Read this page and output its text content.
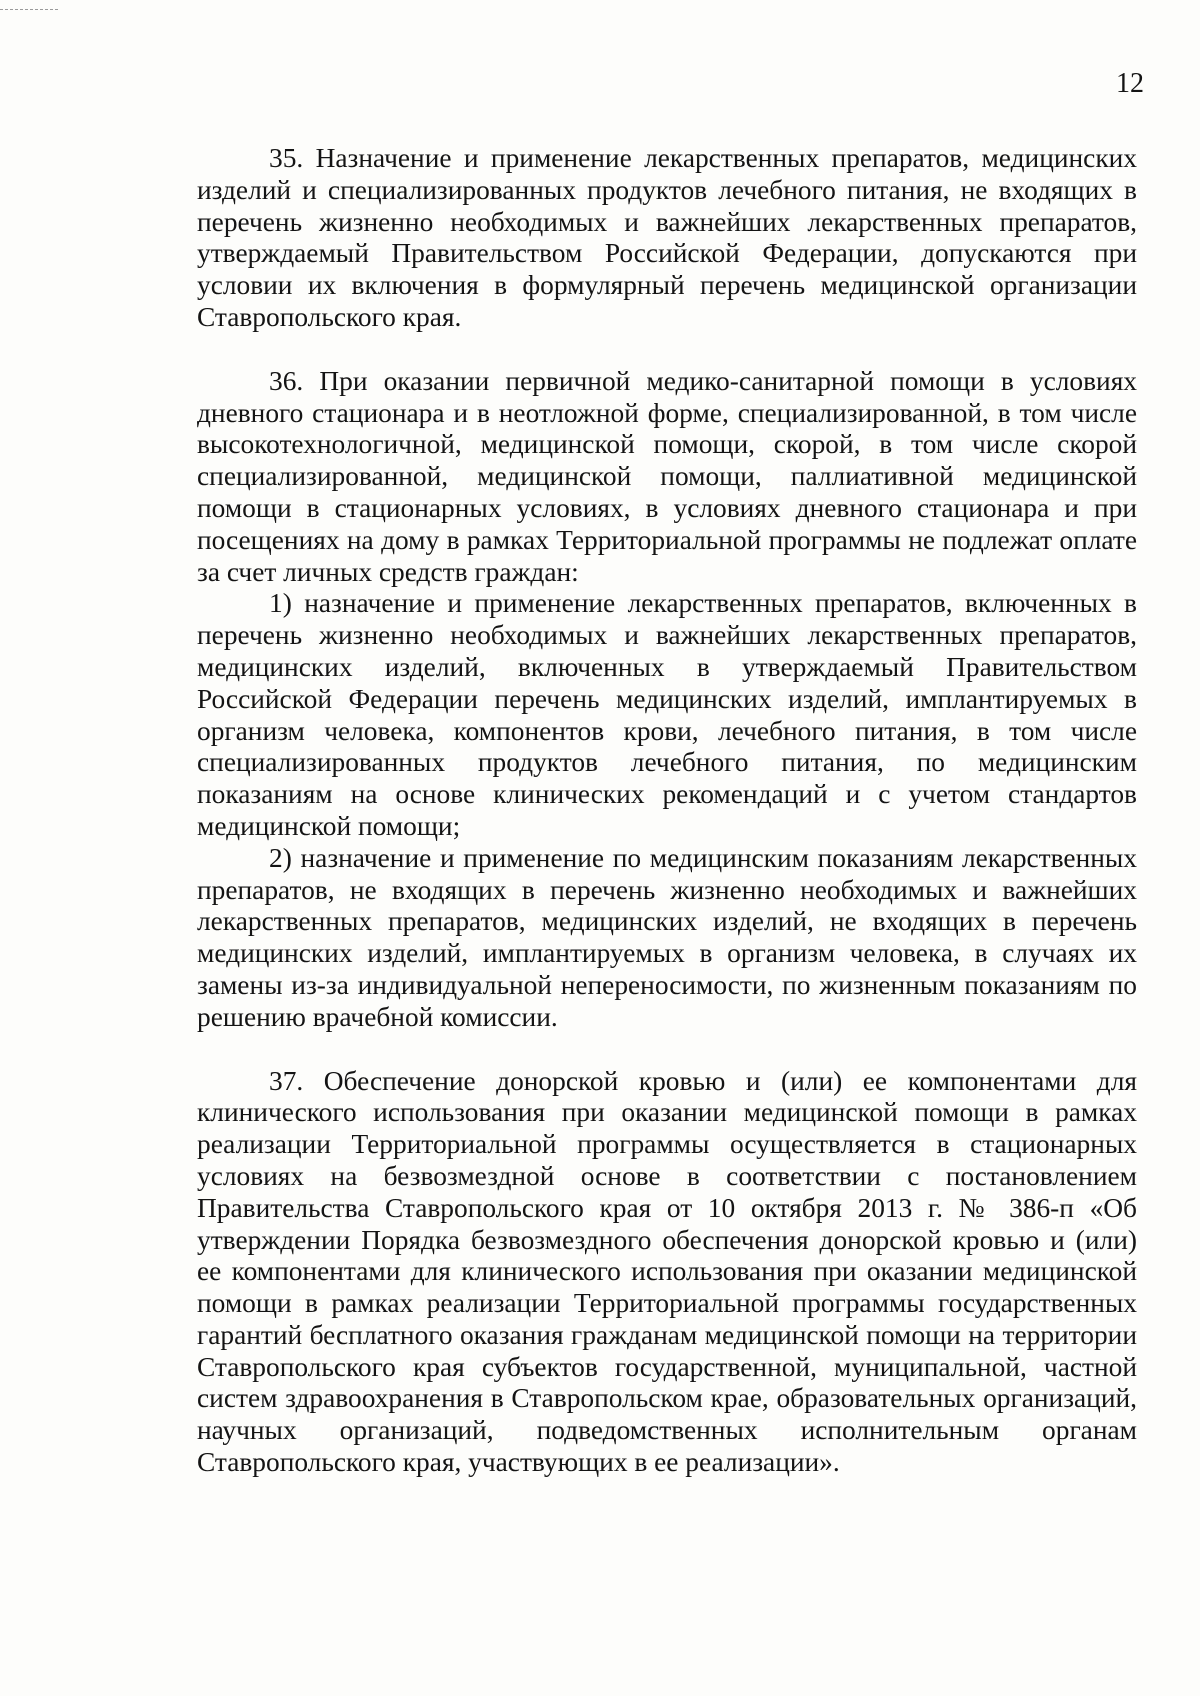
12

35. Назначение и применение лекарственных препаратов, медицинских изделий и специализированных продуктов лечебного питания, не входящих в перечень жизненно необходимых и важнейших лекарственных препаратов, утверждаемый Правительством Российской Федерации, допускаются при условии их включения в формулярный перечень медицинской организации Ставропольского края.

36. При оказании первичной медико-санитарной помощи в условиях дневного стационара и в неотложной форме, специализированной, в том числе высокотехнологичной, медицинской помощи, скорой, в том числе скорой специализированной, медицинской помощи, паллиативной медицинской помощи в стационарных условиях, в условиях дневного стационара и при посещениях на дому в рамках Территориальной программы не подлежат оплате за счет личных средств граждан:

1) назначение и применение лекарственных препаратов, включенных в перечень жизненно необходимых и важнейших лекарственных препаратов, медицинских изделий, включенных в утверждаемый Правительством Российской Федерации перечень медицинских изделий, имплантируемых в организм человека, компонентов крови, лечебного питания, в том числе специализированных продуктов лечебного питания, по медицинским показаниям на основе клинических рекомендаций и с учетом стандартов медицинской помощи;

2) назначение и применение по медицинским показаниям лекарственных препаратов, не входящих в перечень жизненно необходимых и важнейших лекарственных препаратов, медицинских изделий, не входящих в перечень медицинских изделий, имплантируемых в организм человека, в случаях их замены из-за индивидуальной непереносимости, по жизненным показаниям по решению врачебной комиссии.

37. Обеспечение донорской кровью и (или) ее компонентами для клинического использования при оказании медицинской помощи в рамках реализации Территориальной программы осуществляется в стационарных условиях на безвозмездной основе в соответствии с постановлением Правительства Ставропольского края от 10 октября 2013 г. № 386-п «Об утверждении Порядка безвозмездного обеспечения донорской кровью и (или) ее компонентами для клинического использования при оказании медицинской помощи в рамках реализации Территориальной программы государственных гарантий бесплатного оказания гражданам медицинской помощи на территории Ставропольского края субъектов государственной, муниципальной, частной систем здравоохранения в Ставропольском крае, образовательных организаций, научных организаций, подведомственных исполнительным органам Ставропольского края, участвующих в ее реализации».
